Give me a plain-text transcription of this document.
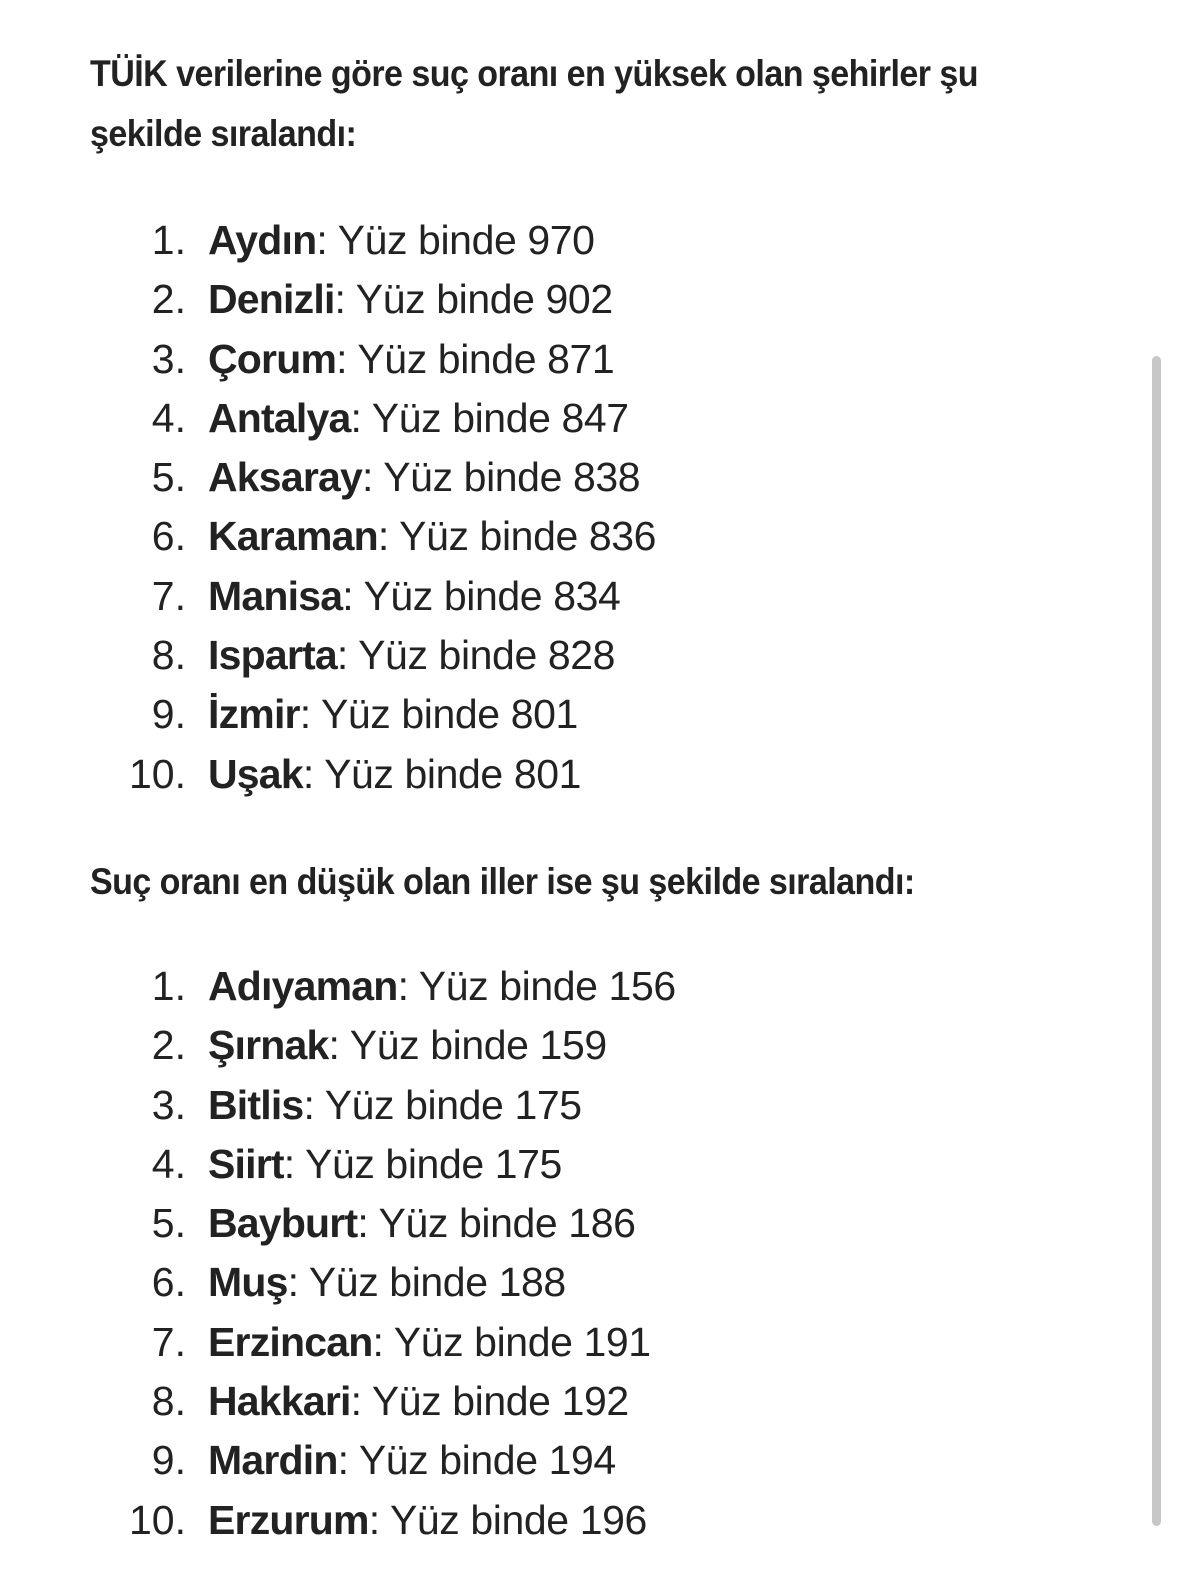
TÜİK verilerine göre suç oranı en yüksek olan şehirler şu şekilde sıralandı:

1. Aydın: Yüz binde 970
2. Denizli: Yüz binde 902
3. Çorum: Yüz binde 871
4. Antalya: Yüz binde 847
5. Aksaray: Yüz binde 838
6. Karaman: Yüz binde 836
7. Manisa: Yüz binde 834
8. Isparta: Yüz binde 828
9. İzmir: Yüz binde 801
10. Uşak: Yüz binde 801

Suç oranı en düşük olan iller ise şu şekilde sıralandı:

1. Adıyaman: Yüz binde 156
2. Şırnak: Yüz binde 159
3. Bitlis: Yüz binde 175
4. Siirt: Yüz binde 175
5. Bayburt: Yüz binde 186
6. Muş: Yüz binde 188
7. Erzincan: Yüz binde 191
8. Hakkari: Yüz binde 192
9. Mardin: Yüz binde 194
10. Erzurum: Yüz binde 196
